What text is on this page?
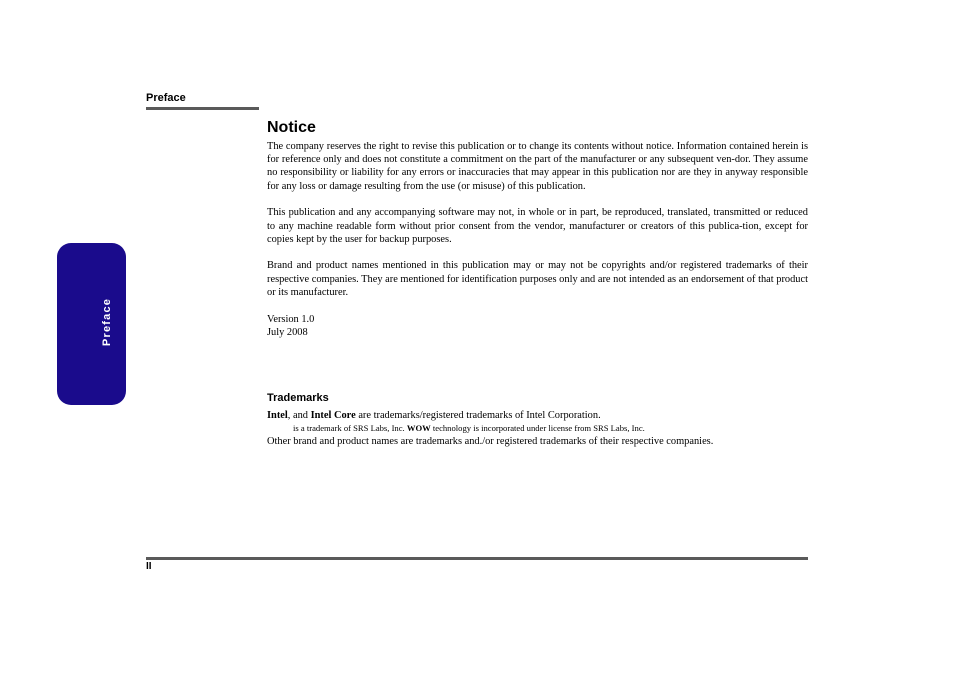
Preface
Preface
Notice

The company reserves the right to revise this publication or to change its contents without notice. Information contained herein is for reference only and does not constitute a commitment on the part of the manufacturer or any subsequent ven-dor. They assume no responsibility or liability for any errors or inaccuracies that may appear in this publication nor are they in anyway responsible for any loss or damage resulting from the use (or misuse) of this publication.

This publication and any accompanying software may not, in whole or in part, be reproduced, translated, transmitted or reduced to any machine readable form without prior consent from the vendor, manufacturer or creators of this publica-tion, except for copies kept by the user for backup purposes.

Brand and product names mentioned in this publication may or may not be copyrights and/or registered trademarks of their respective companies. They are mentioned for identification purposes only and are not intended as an endorsement of that product or its manufacturer.

Version 1.0

July 2008

Trademarks

Intel, and Intel Core are trademarks/registered trademarks of Intel Corporation.

is a trademark of SRS Labs, Inc. WOW technology is incorporated under license from SRS Labs, Inc.

Other brand and product names are trademarks and./or registered trademarks of their respective companies.

II
